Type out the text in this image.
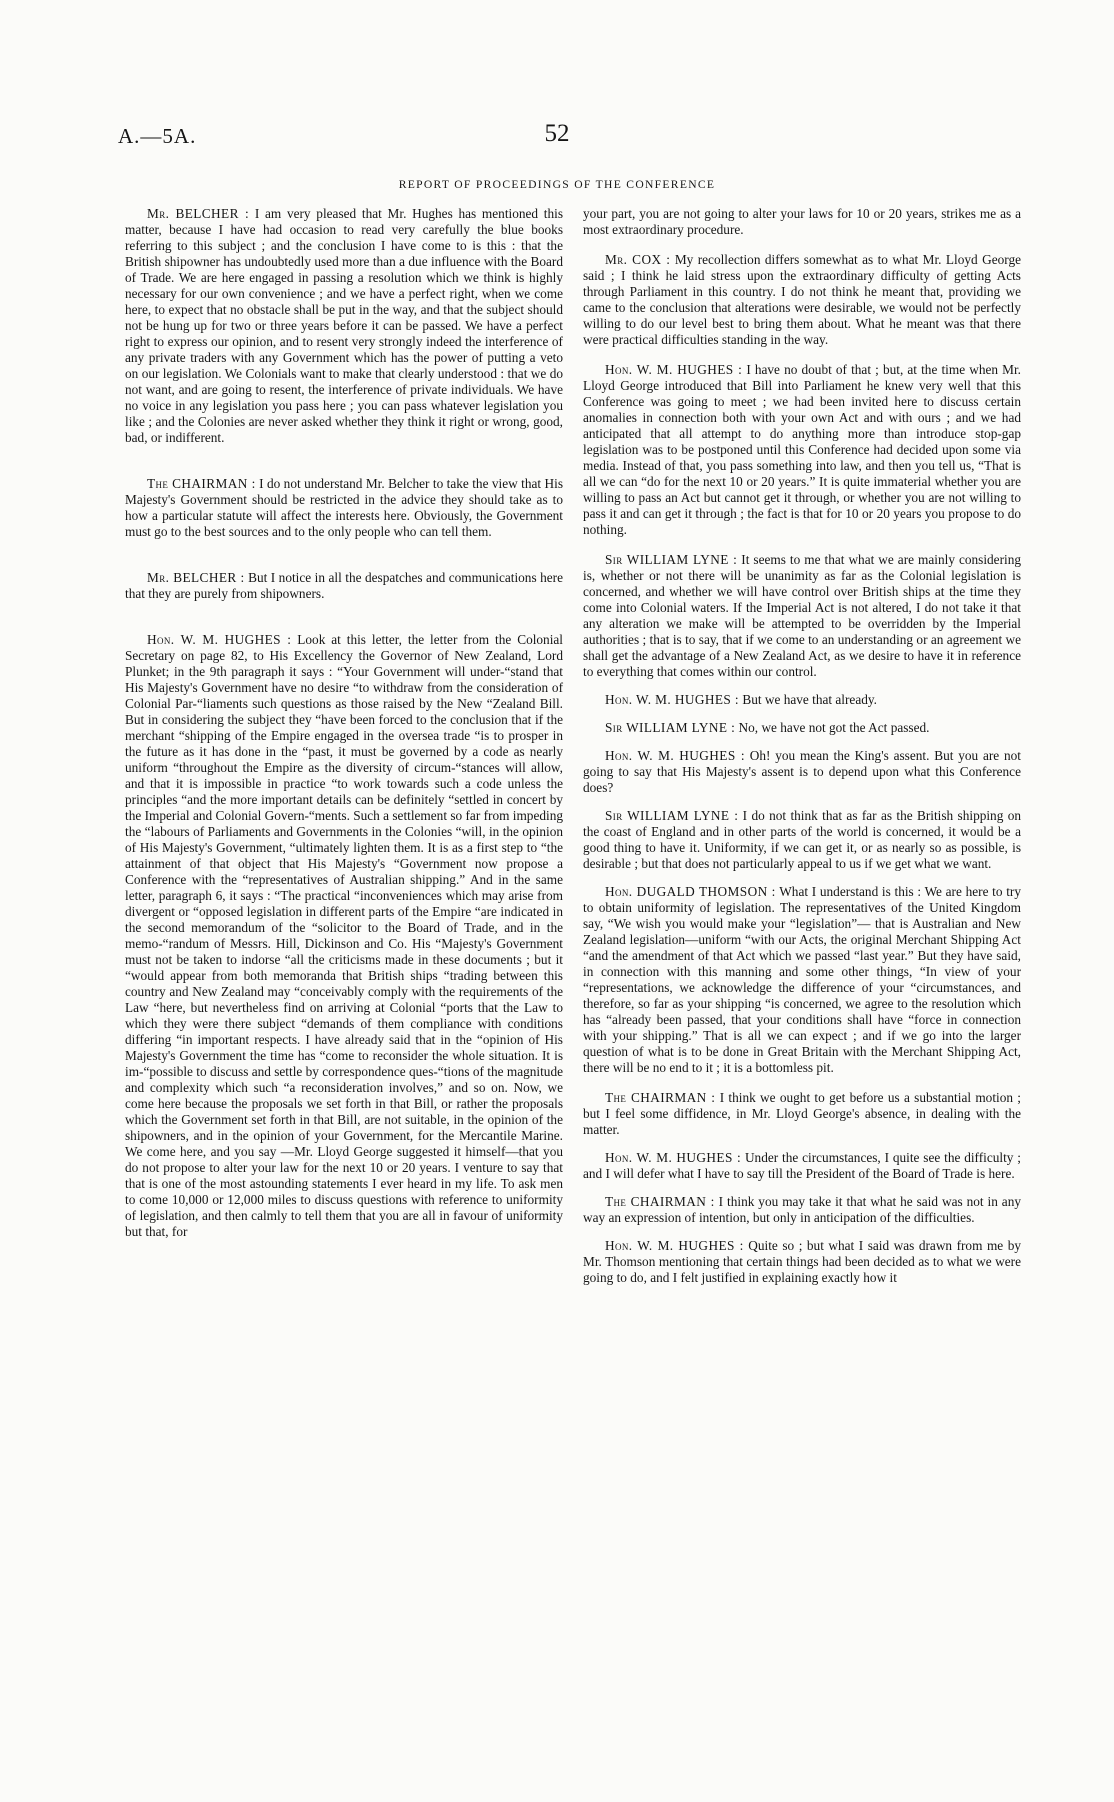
A.—5A.	52
REPORT OF PROCEEDINGS OF THE CONFERENCE

Mr. BELCHER : I am very pleased that Mr. Hughes has mentioned this matter, because I have had occasion to read very carefully the blue books referring to this subject ; and the conclusion I have come to is this : that the British shipowner has undoubtedly used more than a due influence with the Board of Trade. We are here engaged in passing a resolution which we think is highly necessary for our own convenience ; and we have a perfect right, when we come here, to expect that no obstacle shall be put in the way, and that the subject should not be hung up for two or three years before it can be passed. We have a perfect right to express our opinion, and to resent very strongly indeed the interference of any private traders with any Government which has the power of putting a veto on our legislation. We Colonials want to make that clearly understood : that we do not want, and are going to resent, the interference of private individuals. We have no voice in any legislation you pass here ; you can pass whatever legislation you like ; and the Colonies are never asked whether they think it right or wrong, good, bad, or indifferent.

The CHAIRMAN : I do not understand Mr. Belcher to take the view that His Majesty's Government should be restricted in the advice they should take as to how a particular statute will affect the interests here. Obviously, the Government must go to the best sources and to the only people who can tell them.

Mr. BELCHER : But I notice in all the despatches and communications here that they are purely from shipowners.

Hon. W. M. HUGHES : Look at this letter, the letter from the Colonial Secretary on page 82, to His Excellency the Governor of New Zealand, Lord Plunket; in the 9th paragraph it says : “Your Government will under-“stand that His Majesty's Government have no desire “to withdraw from the consideration of Colonial Par-“liaments such questions as those raised by the New “Zealand Bill. But in considering the subject they “have been forced to the conclusion that if the merchant “shipping of the Empire engaged in the oversea trade “is to prosper in the future as it has done in the “past, it must be governed by a code as nearly uniform “throughout the Empire as the diversity of circum-“stances will allow, and that it is impossible in practice “to work towards such a code unless the principles “and the more important details can be definitely “settled in concert by the Imperial and Colonial Govern-“ments. Such a settlement so far from impeding the “labours of Parliaments and Governments in the Colonies “will, in the opinion of His Majesty's Government, “ultimately lighten them. It is as a first step to “the attainment of that object that His Majesty's “Government now propose a Conference with the “representatives of Australian shipping.” And in the same letter, paragraph 6, it says : “The practical “inconveniences which may arise from divergent or “opposed legislation in different parts of the Empire “are indicated in the second memorandum of the “solicitor to the Board of Trade, and in the memo-“randum of Messrs. Hill, Dickinson and Co. His “Majesty's Government must not be taken to indorse “all the criticisms made in these documents ; but it “would appear from both memoranda that British ships “trading between this country and New Zealand may “conceivably comply with the requirements of the Law “here, but nevertheless find on arriving at Colonial “ports that the Law to which they were there subject “demands of them compliance with conditions differing “in important respects. I have already said that in the “opinion of His Majesty's Government the time has “come to reconsider the whole situation. It is im-“possible to discuss and settle by correspondence ques-“tions of the magnitude and complexity which such “a reconsideration involves,” and so on. Now, we come here because the proposals we set forth in that Bill, or rather the proposals which the Government set forth in that Bill, are not suitable, in the opinion of the shipowners, and in the opinion of your Government, for the Mercantile Marine. We come here, and you say —Mr. Lloyd George suggested it himself—that you do not propose to alter your law for the next 10 or 20 years. I venture to say that that is one of the most astounding statements I ever heard in my life. To ask men to come 10,000 or 12,000 miles to discuss questions with reference to uniformity of legislation, and then calmly to tell them that you are all in favour of uniformity but that, for

your part, you are not going to alter your laws for 10 or 20 years, strikes me as a most extraordinary procedure.

Mr. COX : My recollection differs somewhat as to what Mr. Lloyd George said ; I think he laid stress upon the extraordinary difficulty of getting Acts through Parliament in this country. I do not think he meant that, providing we came to the conclusion that alterations were desirable, we would not be perfectly willing to do our level best to bring them about. What he meant was that there were practical difficulties standing in the way.

Hon. W. M. HUGHES : I have no doubt of that ; but, at the time when Mr. Lloyd George introduced that Bill into Parliament he knew very well that this Conference was going to meet ; we had been invited here to discuss certain anomalies in connection both with your own Act and with ours ; and we had anticipated that all attempt to do anything more than introduce stop-gap legislation was to be postponed until this Conference had decided upon some via media. Instead of that, you pass something into law, and then you tell us, “That is all we can “do for the next 10 or 20 years.” It is quite immaterial whether you are willing to pass an Act but cannot get it through, or whether you are not willing to pass it and can get it through ; the fact is that for 10 or 20 years you propose to do nothing.

Sir WILLIAM LYNE : It seems to me that what we are mainly considering is, whether or not there will be unanimity as far as the Colonial legislation is concerned, and whether we will have control over British ships at the time they come into Colonial waters. If the Imperial Act is not altered, I do not take it that any alteration we make will be attempted to be overridden by the Imperial authorities ; that is to say, that if we come to an understanding or an agreement we shall get the advantage of a New Zealand Act, as we desire to have it in reference to everything that comes within our control.

Hon. W. M. HUGHES : But we have that already.

Sir WILLIAM LYNE : No, we have not got the Act passed.

Hon. W. M. HUGHES : Oh! you mean the King's assent. But you are not going to say that His Majesty's assent is to depend upon what this Conference does?

Sir WILLIAM LYNE : I do not think that as far as the British shipping on the coast of England and in other parts of the world is concerned, it would be a good thing to have it. Uniformity, if we can get it, or as nearly so as possible, is desirable ; but that does not particularly appeal to us if we get what we want.

Hon. DUGALD THOMSON : What I understand is this : We are here to try to obtain uniformity of legislation. The representatives of the United Kingdom say, “We wish you would make your “legislation”— that is Australian and New Zealand legislation—uniform “with our Acts, the original Merchant Shipping Act “and the amendment of that Act which we passed “last year.” But they have said, in connection with this manning and some other things, “In view of your “representations, we acknowledge the difference of your “circumstances, and therefore, so far as your shipping “is concerned, we agree to the resolution which has “already been passed, that your conditions shall have “force in connection with your shipping.” That is all we can expect ; and if we go into the larger question of what is to be done in Great Britain with the Merchant Shipping Act, there will be no end to it ; it is a bottomless pit.

The CHAIRMAN : I think we ought to get before us a substantial motion ; but I feel some diffidence, in Mr. Lloyd George's absence, in dealing with the matter.

Hon. W. M. HUGHES : Under the circumstances, I quite see the difficulty ; and I will defer what I have to say till the President of the Board of Trade is here.

The CHAIRMAN : I think you may take it that what he said was not in any way an expression of intention, but only in anticipation of the difficulties.

Hon. W. M. HUGHES : Quite so ; but what I said was drawn from me by Mr. Thomson mentioning that certain things had been decided as to what we were going to do, and I felt justified in explaining exactly how it
